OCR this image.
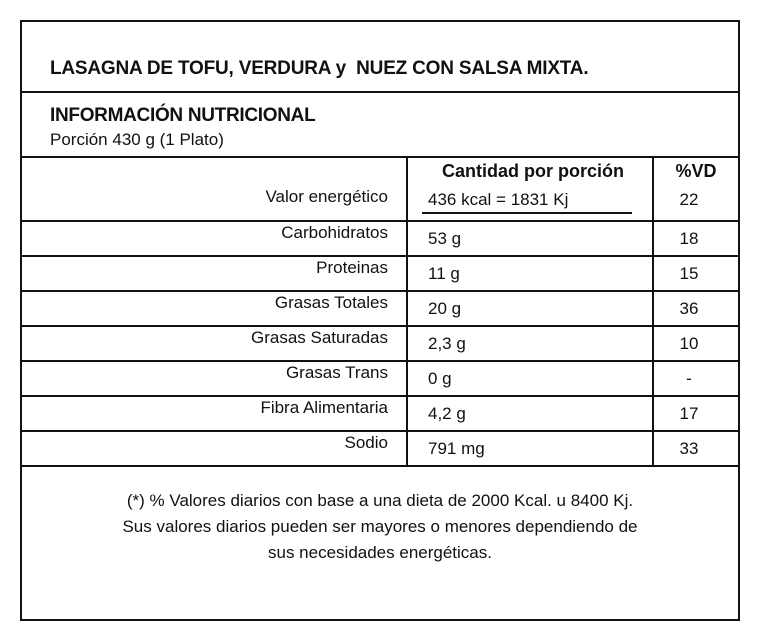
LASAGNA DE TOFU, VERDURA y  NUEZ CON SALSA MIXTA.
INFORMACIÓN NUTRICIONAL
Porción 430 g (1 Plato)
Cantidad por porción	%VD
Valor energético 436 kcal = 1831 Kj	22
Carbohidratos 53 g	18
Proteinas 11 g	15
Grasas Totales 20 g	36
Grasas Saturadas 2,3 g	10
Grasas Trans 0 g	-
Fibra Alimentaria 4,2 g	17
Sodio 791 mg	33
(*) % Valores diarios con base a una dieta de 2000 Kcal. u 8400 Kj.
Sus valores diarios pueden ser mayores o menores dependiendo de
sus necesidades energéticas.
